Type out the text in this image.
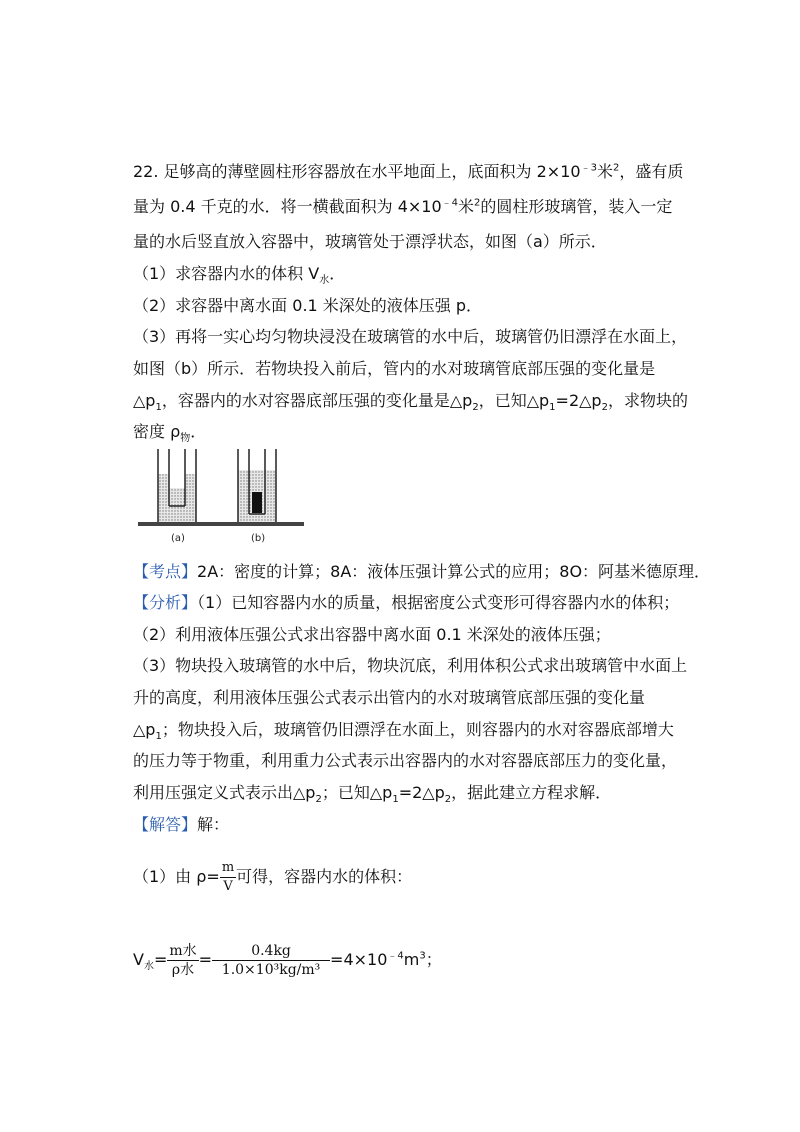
22. 足够高的薄壁圆柱形容器放在水平地面上，底面积为 $2\times 10^{﹣3}$米$^2$，盛有质
量为 0.4 千克的水．将一横截面积为 $4\times 10^{﹣4}$米$^2$的圆柱形玻璃管，装入一定
量的水后竖直放入容器中，玻璃管处于漂浮状态，如图（a）所示．
（1）求容器内水的体积 $V_水$．
（2）求容器中离水面 0.1 米深处的液体压强 p．
（3）再将一实心均匀物块浸没在玻璃管的水中后，玻璃管仍旧漂浮在水面上，
如图（b）所示．若物块投入前后，管内的水对玻璃管底部压强的变化量是
$\triangle p_1$，容器内的水对容器底部压强的变化量是$\triangle p_2$，已知$\triangle p_1=2\triangle p_2$，求物块的
密度 $\rho_物$．
(a)	(b)
【考点】2A：密度的计算；8A：液体压强计算公式的应用；8O：阿基米德原理．
【分析】（1）已知容器内水的质量，根据密度公式变形可得容器内水的体积；
（2）利用液体压强公式求出容器中离水面 0.1 米深处的液体压强；
（3）物块投入玻璃管的水中后，物块沉底，利用体积公式求出玻璃管中水面上
升的高度，利用液体压强公式表示出管内的水对玻璃管底部压强的变化量
$\triangle p_1$；物块投入后，玻璃管仍旧漂浮在水面上，则容器内的水对容器底部增大
的压力等于物重，利用重力公式表示出容器内的水对容器底部压力的变化量，
利用压强定义式表示出$\triangle p_2$；已知$\triangle p_1=2\triangle p_2$，据此建立方程求解．
【解答】解：
（1）由 $\rho= \frac{m}{V}$ 可得，容器内水的体积：
$V_水= \frac{\text{m水}}{\text{ρ水}} = \frac{0.4kg}{\text{1.0×10³kg/m³}} =4\times 10^{﹣4}m^3$；
